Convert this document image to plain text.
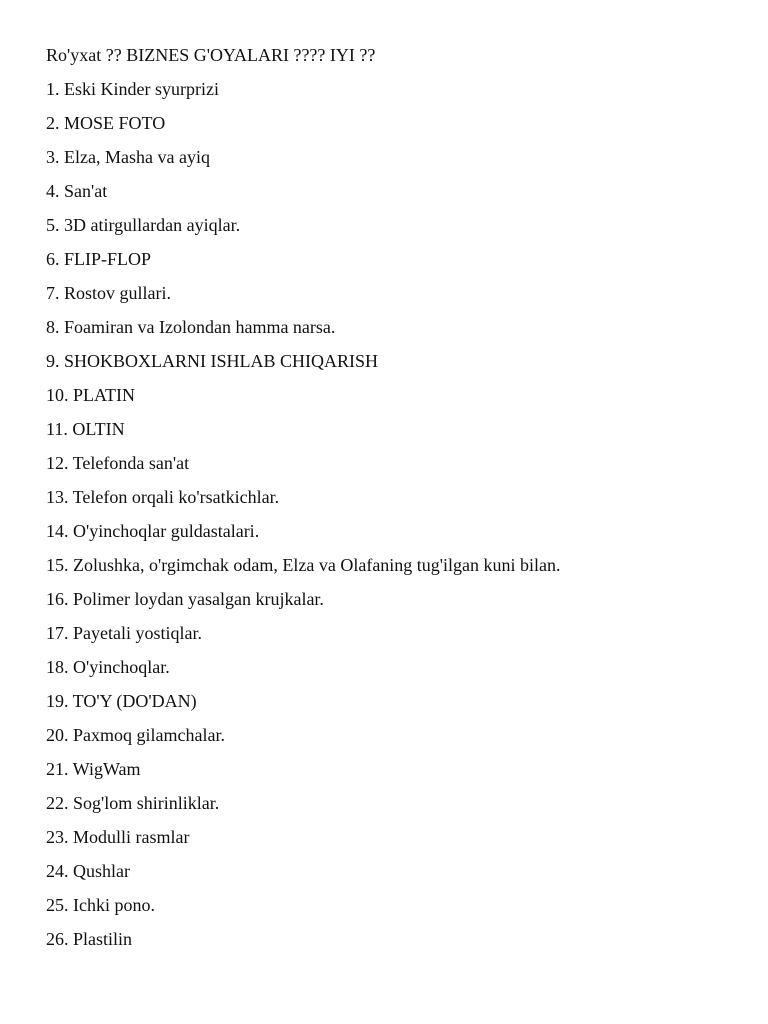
Ro'yxat ?? BIZNES G'OYALARI ???? IYI ??
1. Eski Kinder syurprizi
2. MOSE FOTO
3. Elza, Masha va ayiq
4. San'at
5. 3D atirgullardan ayiqlar.
6. FLIP-FLOP
7. Rostov gullari.
8. Foamiran va Izolondan hamma narsa.
9. SHOKBOXLARNI ISHLAB CHIQARISH
10. PLATIN
11. OLTIN
12. Telefonda san'at
13. Telefon orqali ko'rsatkichlar.
14. O'yinchoqlar guldastalari.
15. Zolushka, o'rgimchak odam, Elza va Olafaning tug'ilgan kuni bilan.
16. Polimer loydan yasalgan krujkalar.
17. Payetali yostiqlar.
18. O'yinchoqlar.
19. TO'Y (DO'DAN)
20. Paxmoq gilamchalar.
21. WigWam
22. Sog'lom shirinliklar.
23. Modulli rasmlar
24. Qushlar
25. Ichki pono.
26. Plastilin
